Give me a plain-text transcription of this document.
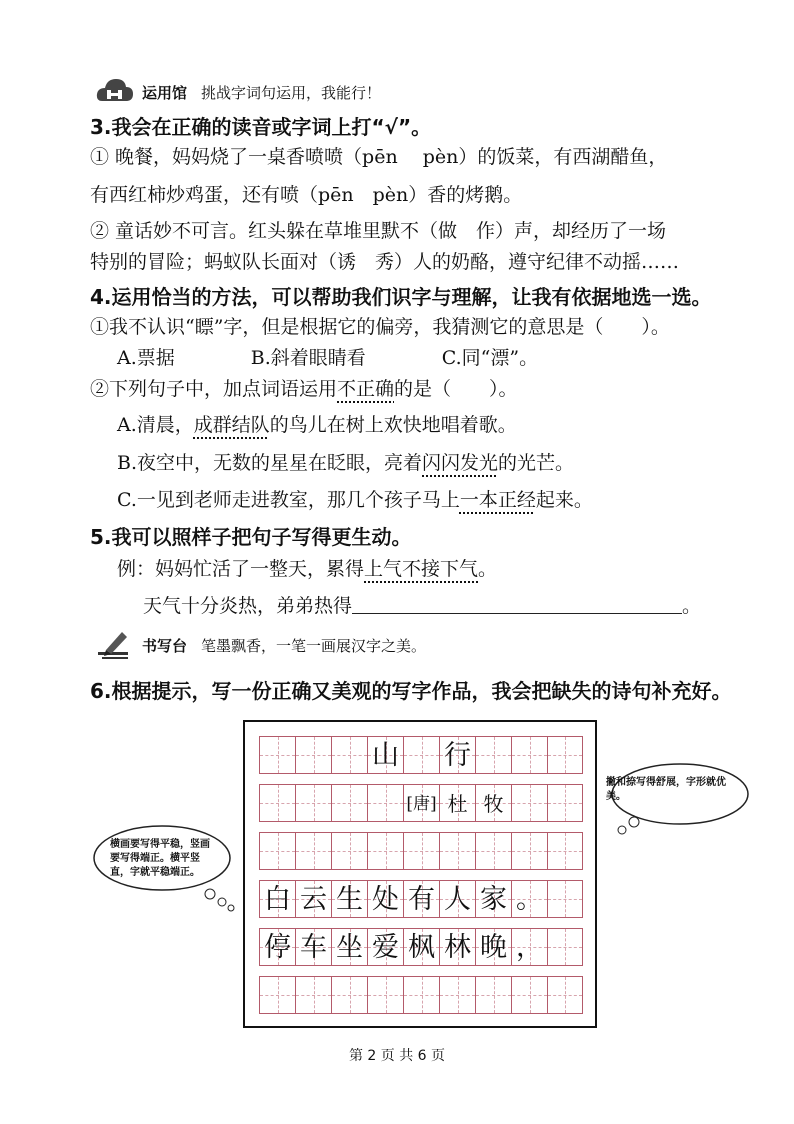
运用馆 挑战字词句运用，我能行！
3.我会在正确的读音或字词上打“√”。
① 晚餐，妈妈烧了一桌香喷喷（pēn　 pèn）的饭菜，有西湖醋鱼，
有西红柿炒鸡蛋，还有喷（pēn　pèn）香的烤鹅。
② 童话妙不可言。红头躲在草堆里默不（做　作）声，却经历了一场
特别的冒险；蚂蚁队长面对（诱　秀）人的奶酪，遵守纪律不动摇……
4.运用恰当的方法，可以帮助我们识字与理解，让我有依据地选一选。
①我不认识“瞟”字，但是根据它的偏旁，我猜测它的意思是（　　）。
A.票据　　　　B.斜着眼睛看　　　　C.同“漂”。
②下列句子中，加点词语运用不正确的是（　　）。
A.清晨，成群结队的鸟儿在树上欢快地唱着歌。
B.夜空中，无数的星星在眨眼，亮着闪闪发光的光芒。
C.一见到老师走进教室，那几个孩子马上一本正经起来。
5.我可以照样子把句子写得更生动。
例：妈妈忙活了一整天，累得上气不接下气。
天气十分炎热，弟弟热得	。
书写台 笔墨飘香，一笔一画展汉字之美。
6.根据提示，写一份正确又美观的写字作品，我会把缺失的诗句补充好。
山 行
[唐] 杜 牧
白 云 生 处 有 人 家 。
停 车 坐 爱 枫 林 晚 ，
横画要写得平稳，竖画要写得端正。横平竖直，字就平稳端正。
撇和捺写得舒展，字形就优美。
第 2 页 共 6 页
